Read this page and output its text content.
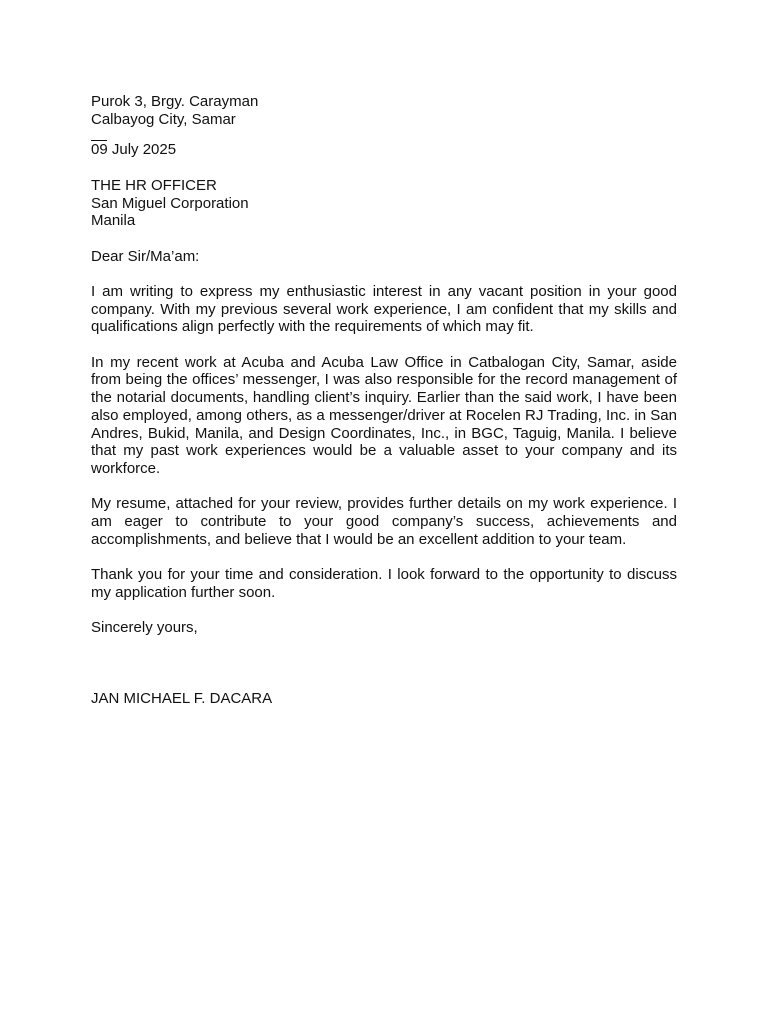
Purok 3, Brgy. Carayman
Calbayog City, Samar
09 July 2025
THE HR OFFICER
San Miguel Corporation
Manila
Dear Sir/Ma’am:

I am writing to express my enthusiastic interest in any vacant position in your good company. With my previous several work experience, I am confident that my skills and qualifications align perfectly with the requirements of which may fit.

In my recent work at Acuba and Acuba Law Office in Catbalogan City, Samar, aside from being the offices’ messenger, I was also responsible for the record management of the notarial documents, handling client’s inquiry. Earlier than the said work, I have been also employed, among others, as a messenger/driver at Rocelen RJ Trading, Inc. in San Andres, Bukid, Manila, and Design Coordinates, Inc., in BGC, Taguig, Manila. I believe that my past work experiences would be a valuable asset to your company and its workforce.

My resume, attached for your review, provides further details on my work experience. I am eager to contribute to your good company’s success, achievements and accomplishments, and believe that I would be an excellent addition to your team.

Thank you for your time and consideration. I look forward to the opportunity to discuss my application further soon.

Sincerely yours,
JAN MICHAEL F. DACARA
